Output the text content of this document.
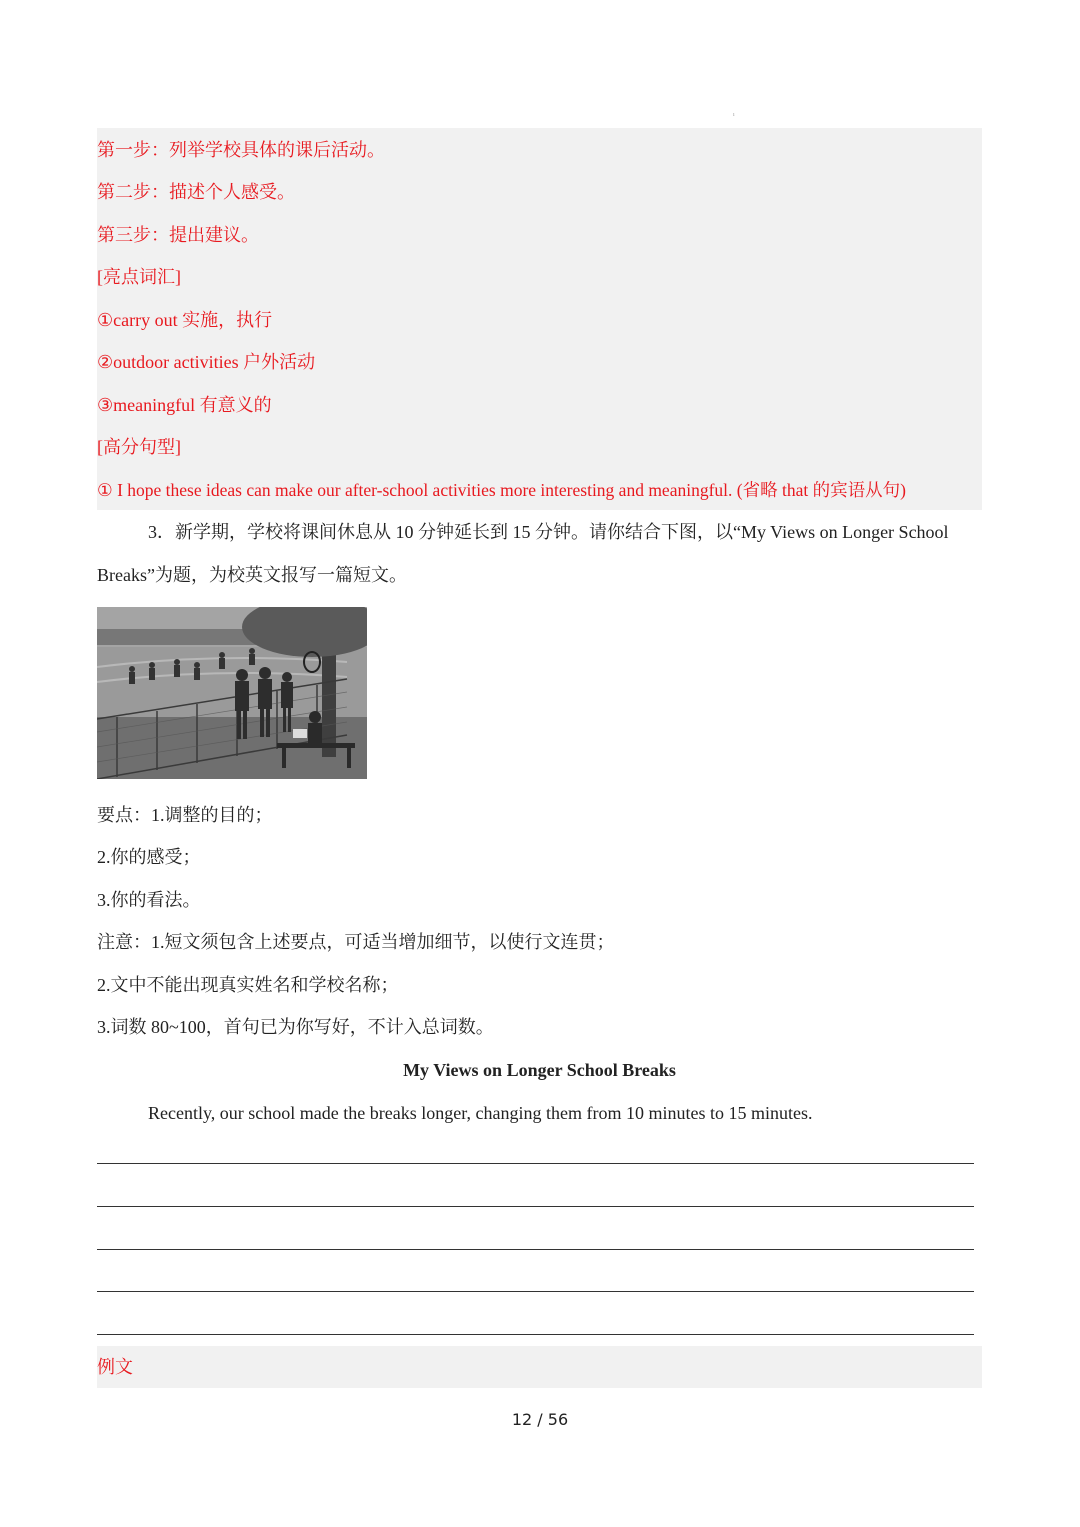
ı
第一步：列举学校具体的课后活动。
第二步：描述个人感受。
第三步：提出建议。
[亮点词汇]
①carry out 实施，执行
②outdoor activities 户外活动
③meaningful 有意义的
[高分句型]
① I hope these ideas can make our after-school activities more interesting and meaningful. (省略 that 的宾语从句)
3．新学期，学校将课间休息从 10 分钟延长到 15 分钟。请你结合下图，以“My Views on Longer School
Breaks”为题，为校英文报写一篇短文。
要点：1.调整的目的；
2.你的感受；
3.你的看法。
注意：1.短文须包含上述要点，可适当增加细节，以使行文连贯；
2.文中不能出现真实姓名和学校名称；
3.词数 80~100，首句已为你写好，不计入总词数。
My Views on Longer School Breaks
Recently, our school made the breaks longer, changing them from 10 minutes to 15 minutes.
例文
12 / 56
